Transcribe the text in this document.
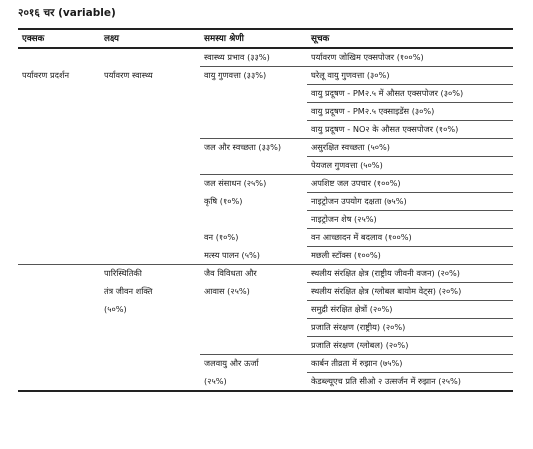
२०१६ चर (variable)
एक्सक	लक्ष्य	समस्या श्रेणी	सूचक
		स्वास्थ्य प्रभाव (३३%)	पर्यावरण जोखिम एक्सपोजर (१००%)
पर्यावरण प्रदर्शन	पर्यावरण स्वास्थ्य	वायु गुणवत्ता (३३%)	घरेलू वायु गुणवत्ता (३०%)
			वायु प्रदूषण - PM२.५ में औसत एक्सपोजर (३०%)
			वायु प्रदूषण - PM२.५ एक्साइडेंस (३०%)
			वायु प्रदूषण - NO२ के औसत एक्सपोजर (१०%)
		जल और स्वच्छता (३३%)	असुरक्षित स्वच्छता (५०%)
			पेयजल गुणवत्ता (५०%)
		जल संसाधन (२५%)	अपशिष्ट जल उपचार (१००%)
		कृषि (१०%)	नाइट्रोजन उपयोग दक्षता (७५%)
			नाइट्रोजन शेष (२५%)
		वन (१०%)	वन आच्छादन में बदलाव (१००%)
		मत्स्य पालन (५%)	मछली स्टॉक्स (१००%)
	पारिस्थितिकी	जैव विविधता और	स्थलीय संरक्षित क्षेत्र (राष्ट्रीय जीवनी वजन) (२०%)
	तंत्र जीवन शक्ति	आवास (२५%)	स्थलीय संरक्षित क्षेत्र (ग्लोबल बायोम वेट्स) (२०%)
	(५०%)		समुद्री संरक्षित क्षेत्रों (२०%)
			प्रजाति संरक्षण (राष्ट्रीय) (२०%)
			प्रजाति संरक्षण (ग्लोबल) (२०%)
		जलवायु और ऊर्जा	कार्बन तीव्रता में रुझान (७५%)
		(२५%)	केडब्ल्यूएच प्रति सीओ २ उत्सर्जन में रुझान (२५%)
